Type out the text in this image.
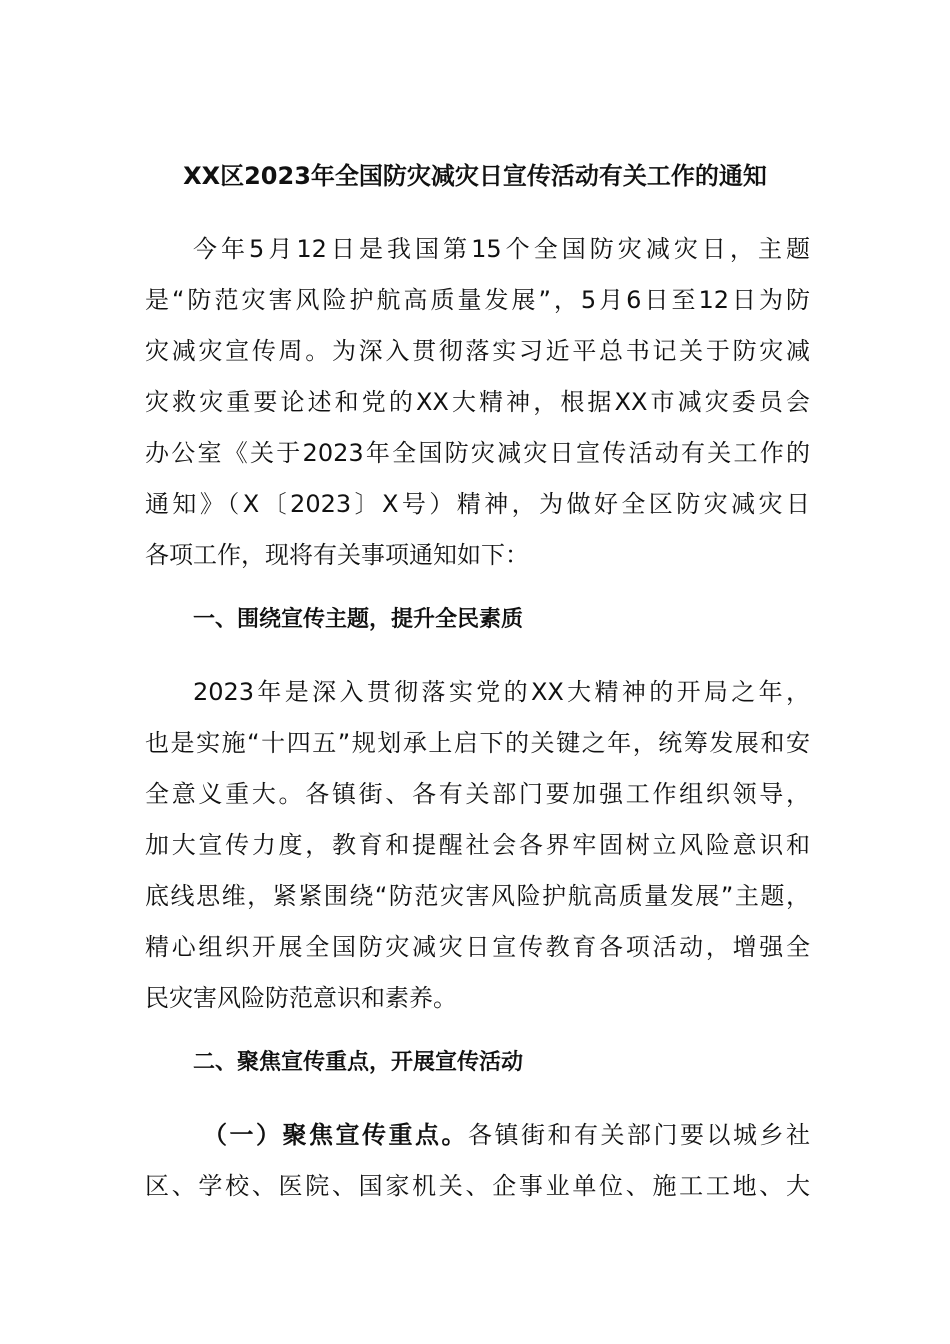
XX区2023年全国防灾减灾日宣传活动有关工作的通知
今年5月12日是我国第15个全国防灾减灾日，主题
是“防范灾害风险护航高质量发展”，5月6日至12日为防
灾减灾宣传周。为深入贯彻落实习近平总书记关于防灾减
灾救灾重要论述和党的XX大精神，根据XX市减灾委员会
办公室《关于2023年全国防灾减灾日宣传活动有关工作的
通知》（X〔2023〕X号）精神，为做好全区防灾减灾日
各项工作，现将有关事项通知如下：
一、围绕宣传主题，提升全民素质
2023年是深入贯彻落实党的XX大精神的开局之年，
也是实施“十四五”规划承上启下的关键之年，统筹发展和安
全意义重大。各镇街、各有关部门要加强工作组织领导，
加大宣传力度，教育和提醒社会各界牢固树立风险意识和
底线思维，紧紧围绕“防范灾害风险护航高质量发展”主题，
精心组织开展全国防灾减灾日宣传教育各项活动，增强全
民灾害风险防范意识和素养。
二、聚焦宣传重点，开展宣传活动
（一）聚焦宣传重点。各镇街和有关部门要以城乡社
区、学校、医院、国家机关、企事业单位、施工工地、大
